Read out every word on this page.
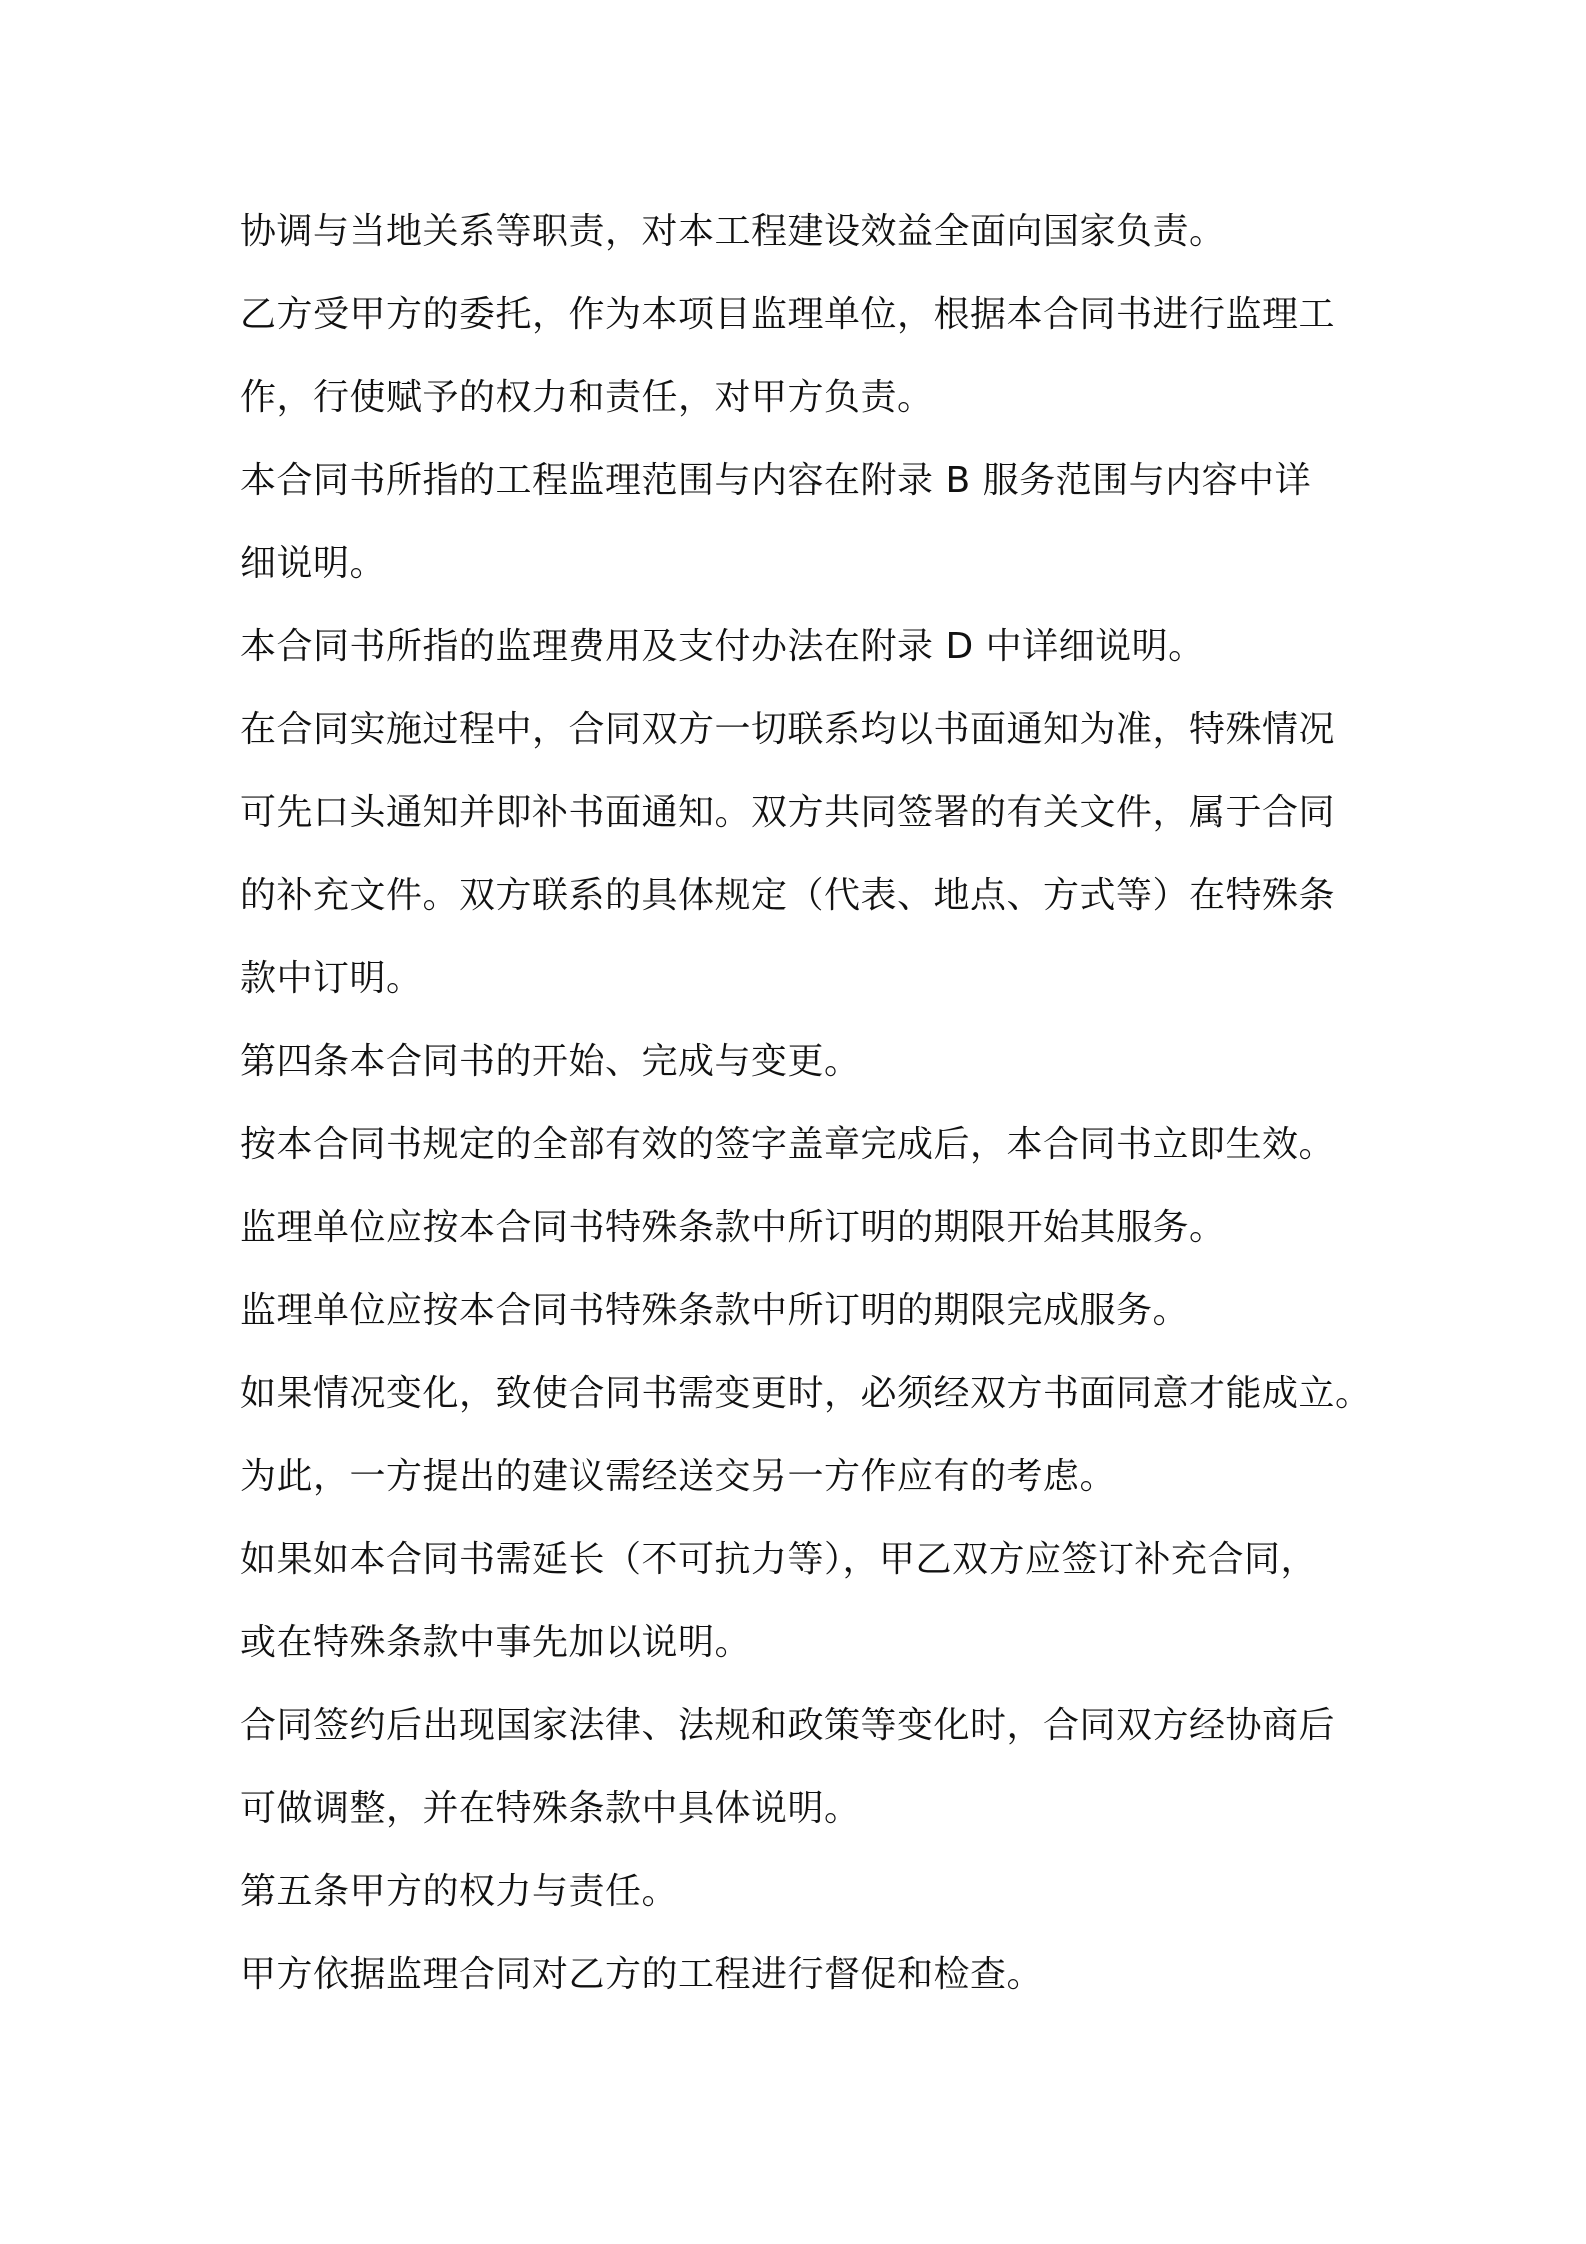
协调与当地关系等职责，对本工程建设效益全面向国家负责。

乙方受甲方的委托，作为本项目监理单位，根据本合同书进行监理工

作，行使赋予的权力和责任，对甲方负责。

本合同书所指的工程监理范围与内容在附录 B 服务范围与内容中详

细说明。

本合同书所指的监理费用及支付办法在附录 D 中详细说明。

在合同实施过程中，合同双方一切联系均以书面通知为准，特殊情况

可先口头通知并即补书面通知。双方共同签署的有关文件，属于合同

的补充文件。双方联系的具体规定（代表、地点、方式等）在特殊条

款中订明。

第四条本合同书的开始、完成与变更。

按本合同书规定的全部有效的签字盖章完成后，本合同书立即生效。

监理单位应按本合同书特殊条款中所订明的期限开始其服务。

监理单位应按本合同书特殊条款中所订明的期限完成服务。

如果情况变化，致使合同书需变更时，必须经双方书面同意才能成立。

为此，一方提出的建议需经送交另一方作应有的考虑。

如果如本合同书需延长（不可抗力等），甲乙双方应签订补充合同，

或在特殊条款中事先加以说明。

合同签约后出现国家法律、法规和政策等变化时，合同双方经协商后

可做调整，并在特殊条款中具体说明。

第五条甲方的权力与责任。

甲方依据监理合同对乙方的工程进行督促和检查。
